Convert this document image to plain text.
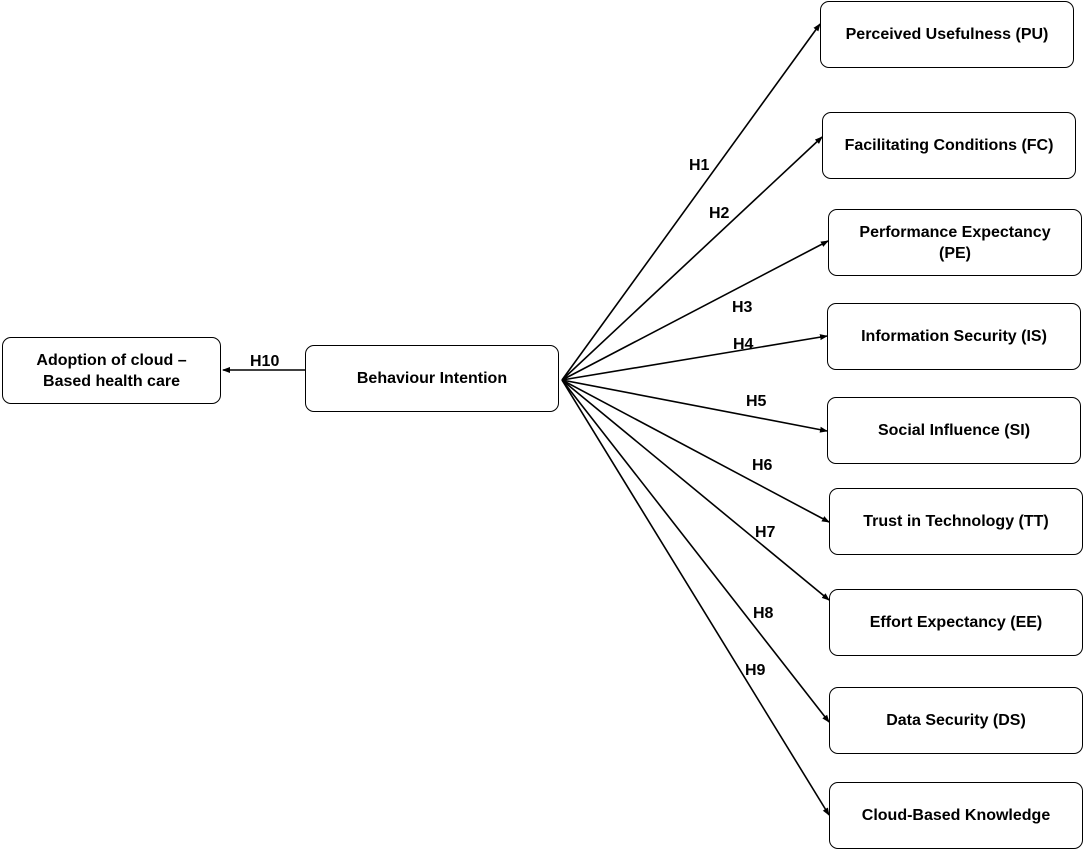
Adoption of cloud –
Based health care	Behaviour Intention
Perceived Usefulness (PU)
Facilitating Conditions (FC)
Performance Expectancy
(PE)
Information Security (IS)
Social Influence (SI)
Trust in Technology (TT)
Effort Expectancy (EE)
Data Security (DS)
Cloud-Based Knowledge
H1
H2
H3
H4
H5
H6
H7
H8
H9
H10
